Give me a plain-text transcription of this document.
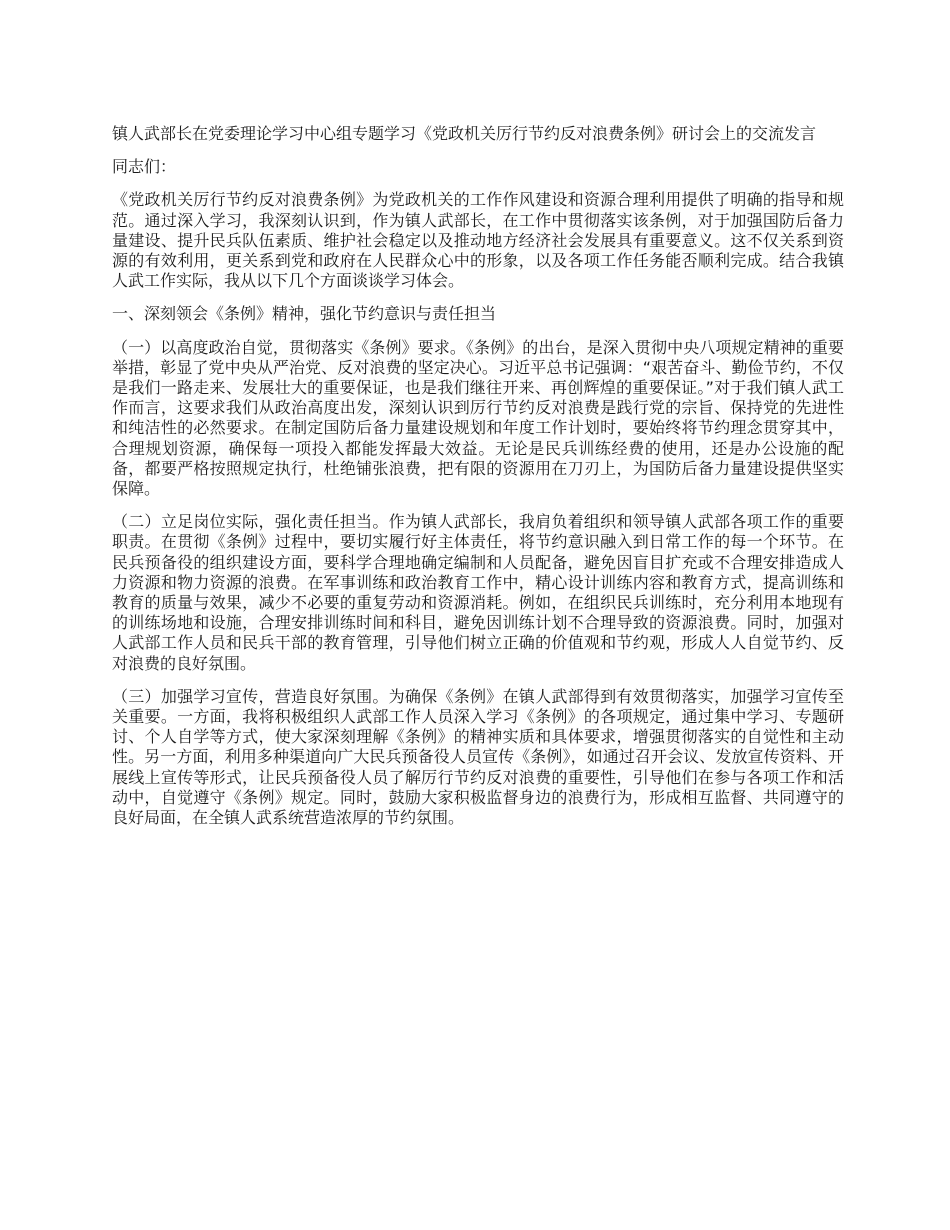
镇人武部长在党委理论学习中心组专题学习《党政机关厉行节约反对浪费条例》研讨会上的交流发言

同志们：

《党政机关厉行节约反对浪费条例》为党政机关的工作作风建设和资源合理利用提供了明确的指导和规范。通过深入学习，我深刻认识到，作为镇人武部长，在工作中贯彻落实该条例，对于加强国防后备力量建设、提升民兵队伍素质、维护社会稳定以及推动地方经济社会发展具有重要意义。这不仅关系到资源的有效利用，更关系到党和政府在人民群众心中的形象，以及各项工作任务能否顺利完成。结合我镇人武工作实际，我从以下几个方面谈谈学习体会。

一、深刻领会《条例》精神，强化节约意识与责任担当

（一）以高度政治自觉，贯彻落实《条例》要求。《条例》的出台，是深入贯彻中央八项规定精神的重要举措，彰显了党中央从严治党、反对浪费的坚定决心。习近平总书记强调：“艰苦奋斗、勤俭节约，不仅是我们一路走来、发展壮大的重要保证，也是我们继往开来、再创辉煌的重要保证。”对于我们镇人武工作而言，这要求我们从政治高度出发，深刻认识到厉行节约反对浪费是践行党的宗旨、保持党的先进性和纯洁性的必然要求。在制定国防后备力量建设规划和年度工作计划时，要始终将节约理念贯穿其中，合理规划资源，确保每一项投入都能发挥最大效益。无论是民兵训练经费的使用，还是办公设施的配备，都要严格按照规定执行，杜绝铺张浪费，把有限的资源用在刀刃上，为国防后备力量建设提供坚实保障。

（二）立足岗位实际，强化责任担当。作为镇人武部长，我肩负着组织和领导镇人武部各项工作的重要职责。在贯彻《条例》过程中，要切实履行好主体责任，将节约意识融入到日常工作的每一个环节。在民兵预备役的组织建设方面，要科学合理地确定编制和人员配备，避免因盲目扩充或不合理安排造成人力资源和物力资源的浪费。在军事训练和政治教育工作中，精心设计训练内容和教育方式，提高训练和教育的质量与效果，减少不必要的重复劳动和资源消耗。例如，在组织民兵训练时，充分利用本地现有的训练场地和设施，合理安排训练时间和科目，避免因训练计划不合理导致的资源浪费。同时，加强对人武部工作人员和民兵干部的教育管理，引导他们树立正确的价值观和节约观，形成人人自觉节约、反对浪费的良好氛围。

（三）加强学习宣传，营造良好氛围。为确保《条例》在镇人武部得到有效贯彻落实，加强学习宣传至关重要。一方面，我将积极组织人武部工作人员深入学习《条例》的各项规定，通过集中学习、专题研讨、个人自学等方式，使大家深刻理解《条例》的精神实质和具体要求，增强贯彻落实的自觉性和主动性。另一方面，利用多种渠道向广大民兵预备役人员宣传《条例》，如通过召开会议、发放宣传资料、开展线上宣传等形式，让民兵预备役人员了解厉行节约反对浪费的重要性，引导他们在参与各项工作和活动中，自觉遵守《条例》规定。同时，鼓励大家积极监督身边的浪费行为，形成相互监督、共同遵守的良好局面，在全镇人武系统营造浓厚的节约氛围。
